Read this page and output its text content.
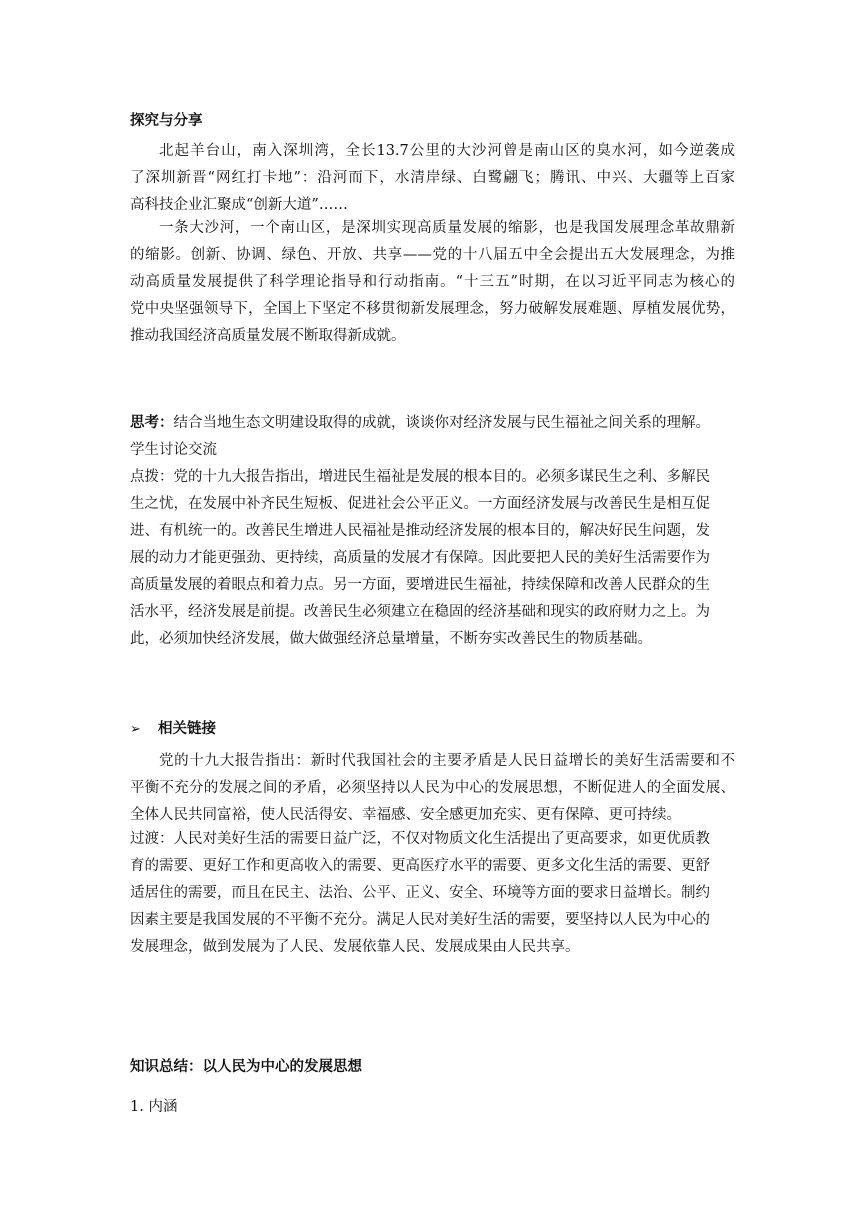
探究与分享
北起羊台山，南入深圳湾，全长13.7公里的大沙河曾是南山区的臭水河，如今逆袭成
了深圳新晋“网红打卡地”：沿河而下，水清岸绿、白鹭翩飞；腾讯、中兴、大疆等上百家
高科技企业汇聚成“创新大道”……
一条大沙河，一个南山区，是深圳实现高质量发展的缩影，也是我国发展理念革故鼎新
的缩影。创新、协调、绿色、开放、共享——党的十八届五中全会提出五大发展理念，为推
动高质量发展提供了科学理论指导和行动指南。“十三五”时期，在以习近平同志为核心的
党中央坚强领导下，全国上下坚定不移贯彻新发展理念，努力破解发展难题、厚植发展优势，
推动我国经济高质量发展不断取得新成就。
思考：结合当地生态文明建设取得的成就，谈谈你对经济发展与民生福祉之间关系的理解。
学生讨论交流
点拨：党的十九大报告指出，增进民生福祉是发展的根本目的。必须多谋民生之利、多解民
生之忧，在发展中补齐民生短板、促进社会公平正义。一方面经济发展与改善民生是相互促
进、有机统一的。改善民生增进人民福祉是推动经济发展的根本目的，解决好民生问题，发
展的动力才能更强劲、更持续，高质量的发展才有保障。因此要把人民的美好生活需要作为
高质量发展的着眼点和着力点。另一方面，要增进民生福祉，持续保障和改善人民群众的生
活水平，经济发展是前提。改善民生必须建立在稳固的经济基础和现实的政府财力之上。为
此，必须加快经济发展，做大做强经济总量增量，不断夯实改善民生的物质基础。
➢	相关链接
党的十九大报告指出：新时代我国社会的主要矛盾是人民日益增长的美好生活需要和不
平衡不充分的发展之间的矛盾，必须坚持以人民为中心的发展思想，不断促进人的全面发展、
全体人民共同富裕，使人民活得安、幸福感、安全感更加充实、更有保障、更可持续。
过渡：人民对美好生活的需要日益广泛，不仅对物质文化生活提出了更高要求，如更优质教
育的需要、更好工作和更高收入的需要、更高医疗水平的需要、更多文化生活的需要、更舒
适居住的需要，而且在民主、法治、公平、正义、安全、环境等方面的要求日益增长。制约
因素主要是我国发展的不平衡不充分。满足人民对美好生活的需要，要坚持以人民为中心的
发展理念，做到发展为了人民、发展依靠人民、发展成果由人民共享。
知识总结：以人民为中心的发展思想
1. 内涵
